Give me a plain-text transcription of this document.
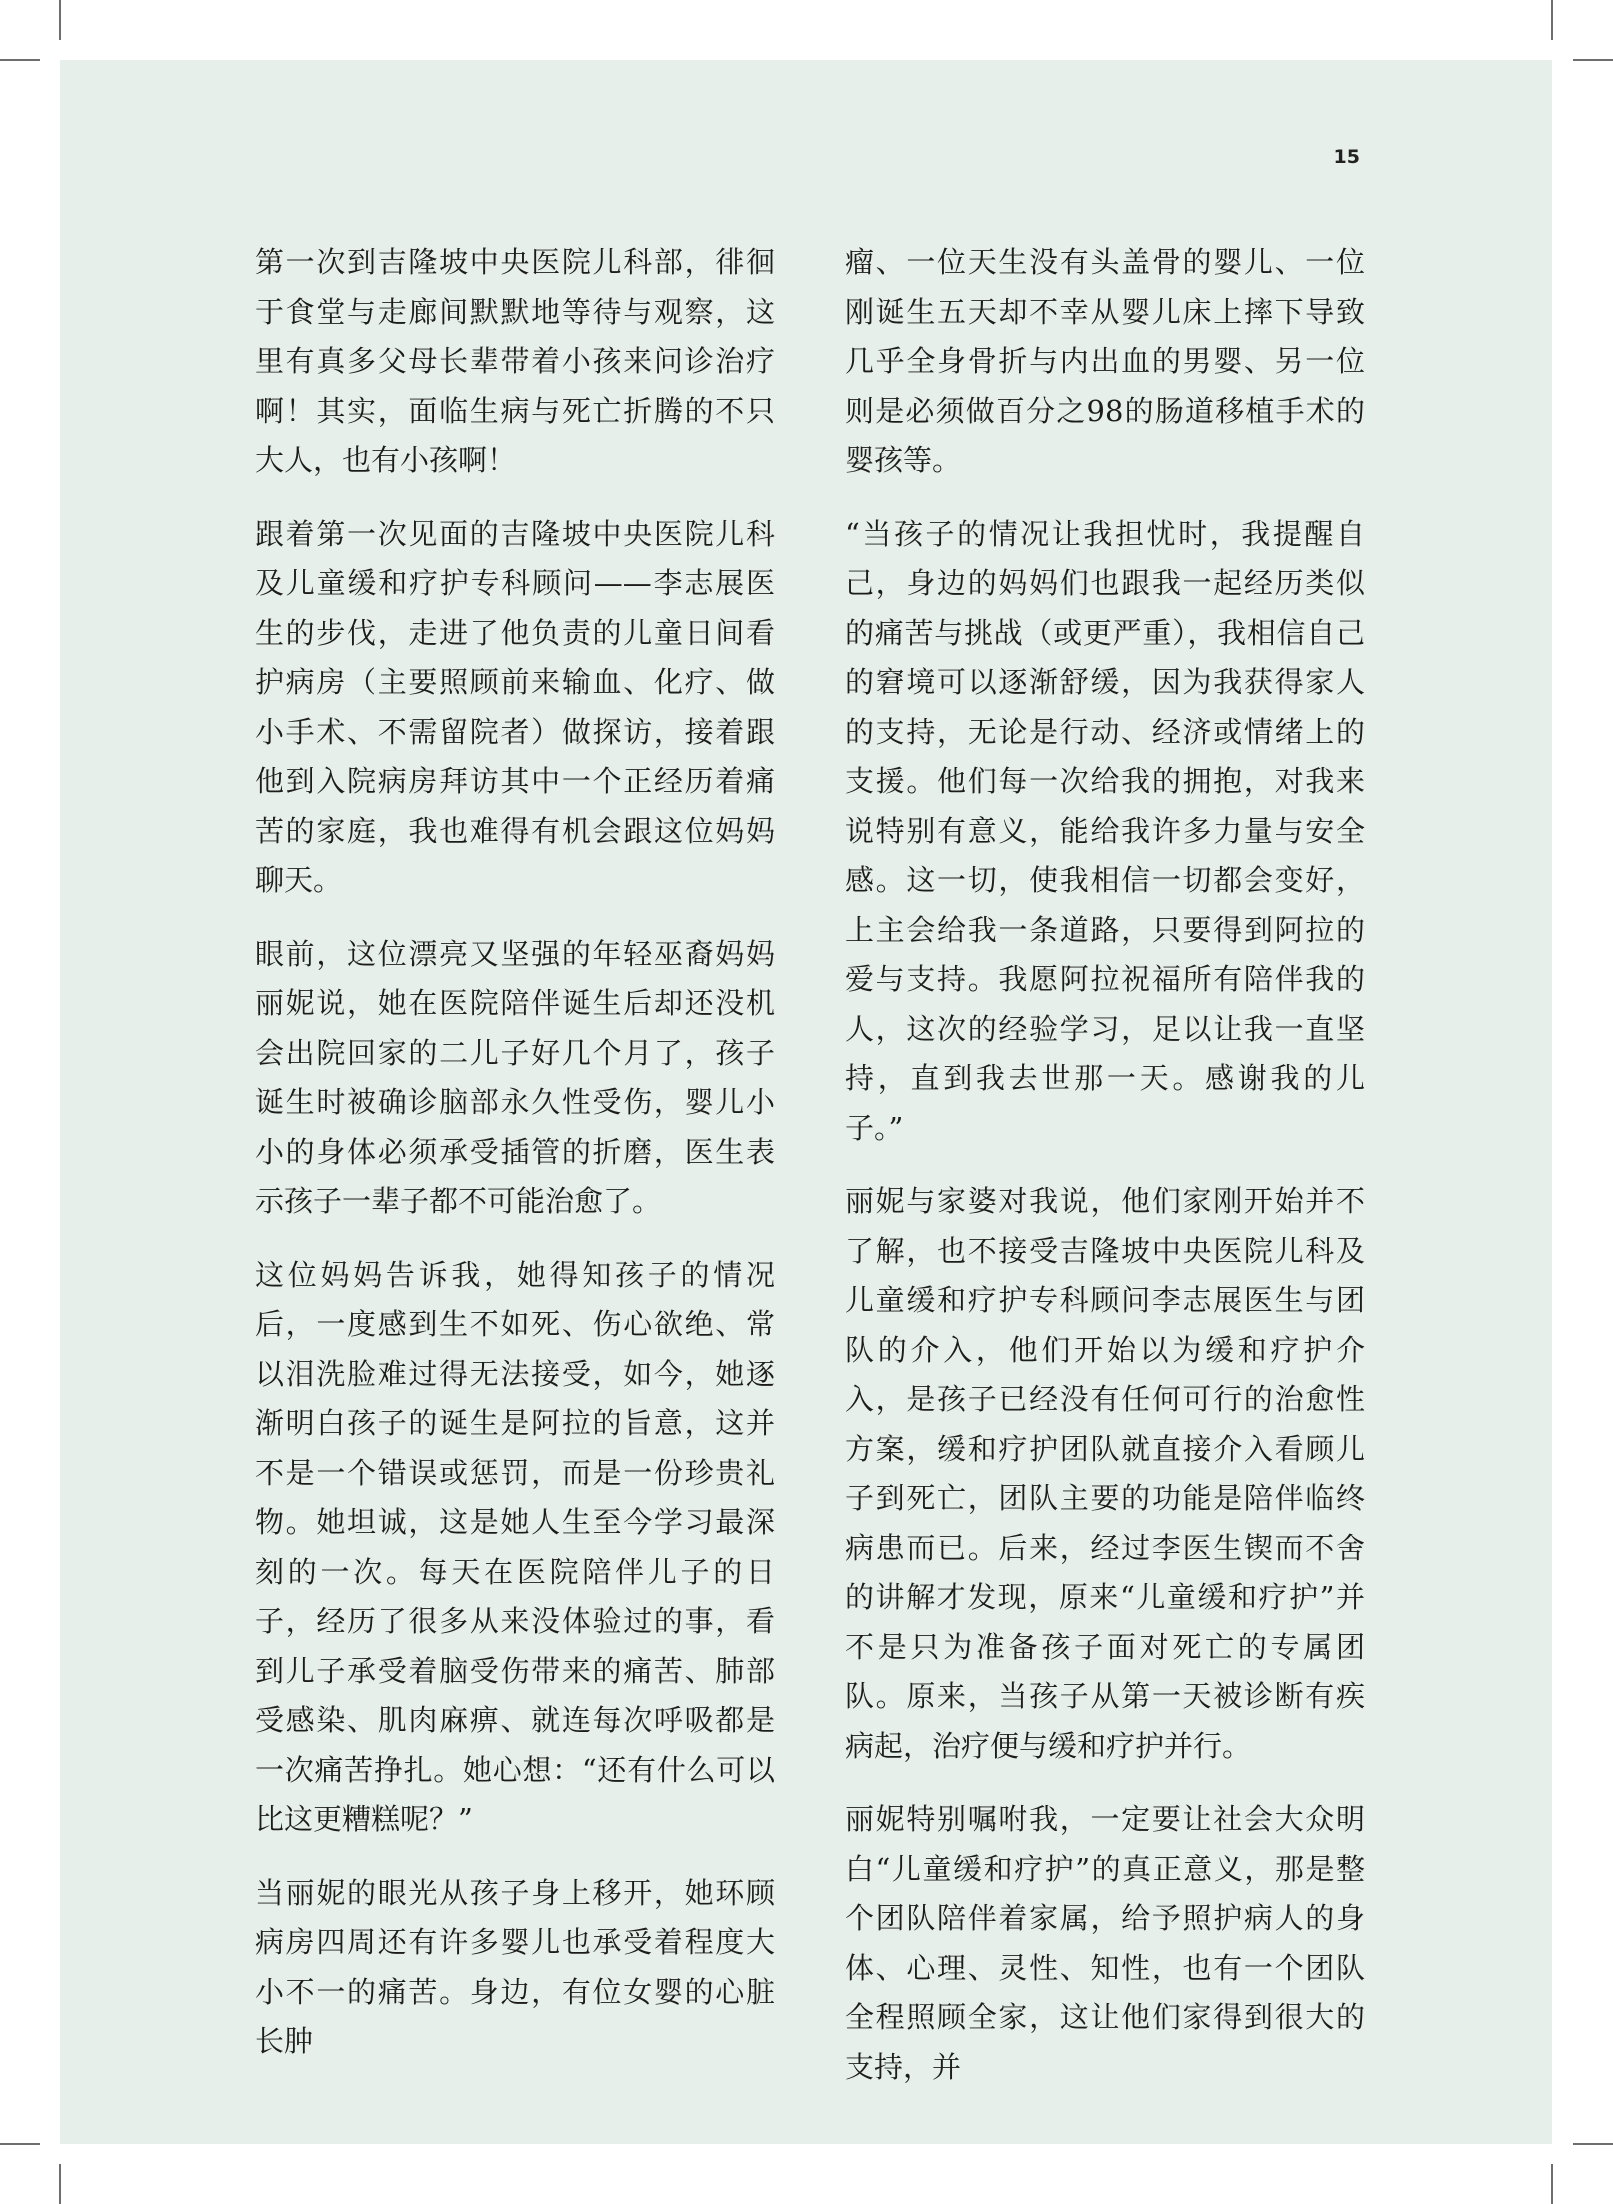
15

第一次到吉隆坡中央医院儿科部，徘徊于食堂与走廊间默默地等待与观察，这里有真多父母长辈带着小孩来问诊治疗啊！其实，面临生病与死亡折腾的不只大人，也有小孩啊！

跟着第一次见面的吉隆坡中央医院儿科及儿童缓和疗护专科顾问——李志展医生的步伐，走进了他负责的儿童日间看护病房（主要照顾前来输血、化疗、做小手术、不需留院者）做探访，接着跟他到入院病房拜访其中一个正经历着痛苦的家庭，我也难得有机会跟这位妈妈聊天。

眼前，这位漂亮又坚强的年轻巫裔妈妈丽妮说，她在医院陪伴诞生后却还没机会出院回家的二儿子好几个月了，孩子诞生时被确诊脑部永久性受伤，婴儿小小的身体必须承受插管的折磨，医生表示孩子一辈子都不可能治愈了。

这位妈妈告诉我，她得知孩子的情况后，一度感到生不如死、伤心欲绝、常以泪洗脸难过得无法接受，如今，她逐渐明白孩子的诞生是阿拉的旨意，这并不是一个错误或惩罚，而是一份珍贵礼物。她坦诚，这是她人生至今学习最深刻的一次。每天在医院陪伴儿子的日子，经历了很多从来没体验过的事，看到儿子承受着脑受伤带来的痛苦、肺部受感染、肌肉麻痹、就连每次呼吸都是一次痛苦挣扎。她心想：“还有什么可以比这更糟糕呢？”

当丽妮的眼光从孩子身上移开，她环顾病房四周还有许多婴儿也承受着程度大小不一的痛苦。身边，有位女婴的心脏长肿

瘤、一位天生没有头盖骨的婴儿、一位刚诞生五天却不幸从婴儿床上摔下导致几乎全身骨折与内出血的男婴、另一位则是必须做百分之98的肠道移植手术的婴孩等。

“当孩子的情况让我担忧时，我提醒自己，身边的妈妈们也跟我一起经历类似的痛苦与挑战（或更严重），我相信自己的窘境可以逐渐舒缓，因为我获得家人的支持，无论是行动、经济或情绪上的支援。他们每一次给我的拥抱，对我来说特别有意义，能给我许多力量与安全感。这一切，使我相信一切都会变好，上主会给我一条道路，只要得到阿拉的爱与支持。我愿阿拉祝福所有陪伴我的人，这次的经验学习，足以让我一直坚持，直到我去世那一天。感谢我的儿子。”

丽妮与家婆对我说，他们家刚开始并不了解，也不接受吉隆坡中央医院儿科及儿童缓和疗护专科顾问李志展医生与团队的介入，他们开始以为缓和疗护介入，是孩子已经没有任何可行的治愈性方案，缓和疗护团队就直接介入看顾儿子到死亡，团队主要的功能是陪伴临终病患而已。后来，经过李医生锲而不舍的讲解才发现，原来“儿童缓和疗护”并不是只为准备孩子面对死亡的专属团队。原来，当孩子从第一天被诊断有疾病起，治疗便与缓和疗护并行。

丽妮特别嘱咐我，一定要让社会大众明白“儿童缓和疗护”的真正意义，那是整个团队陪伴着家属，给予照护病人的身体、心理、灵性、知性，也有一个团队全程照顾全家，这让他们家得到很大的支持，并
